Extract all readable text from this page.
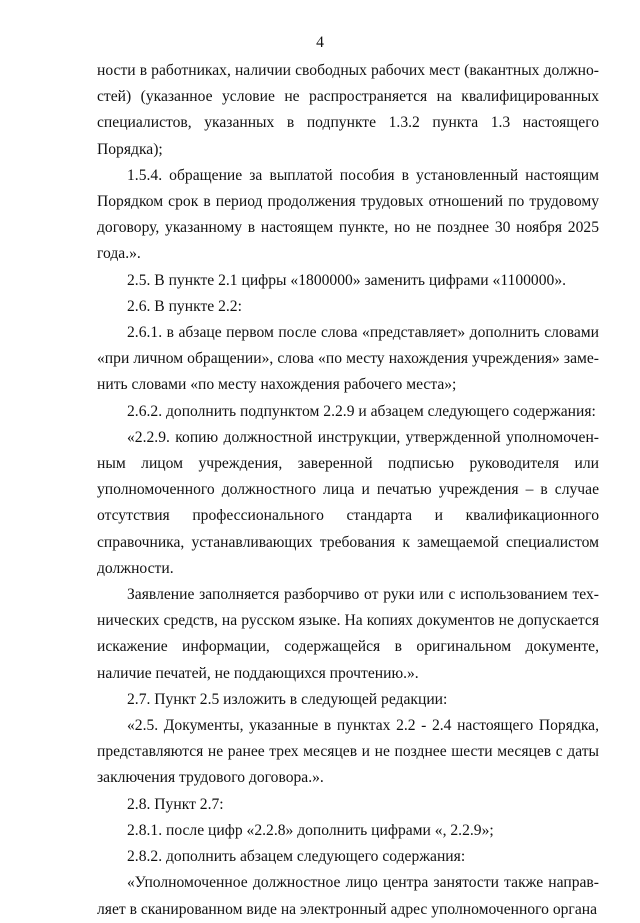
4

ности в работниках, наличии свободных рабочих мест (вакантных должностей) (указанное условие не распространяется на квалифицированных специалистов, указанных в подпункте 1.3.2 пункта 1.3 настоящего Порядка);

1.5.4. обращение за выплатой пособия в установленный настоящим Порядком срок в период продолжения трудовых отношений по трудовому договору, указанному в настоящем пункте, но не позднее 30 ноября 2025 года.».

2.5. В пункте 2.1 цифры «1800000» заменить цифрами «1100000».

2.6. В пункте 2.2:

2.6.1. в абзаце первом после слова «представляет» дополнить словами «при личном обращении», слова «по месту нахождения учреждения» заменить словами «по месту нахождения рабочего места»;

2.6.2. дополнить подпунктом 2.2.9 и абзацем следующего содержания:

«2.2.9. копию должностной инструкции, утвержденной уполномоченным лицом учреждения, заверенной подписью руководителя или уполномоченного должностного лица и печатью учреждения – в случае отсутствия профессионального стандарта и квалификационного справочника, устанавливающих требования к замещаемой специалистом должности.

Заявление заполняется разборчиво от руки или с использованием технических средств, на русском языке. На копиях документов не допускается искажение информации, содержащейся в оригинальном документе, наличие печатей, не поддающихся прочтению.».

2.7. Пункт 2.5 изложить в следующей редакции:

«2.5. Документы, указанные в пунктах 2.2 - 2.4 настоящего Порядка, представляются не ранее трех месяцев и не позднее шести месяцев с даты заключения трудового договора.».

2.8. Пункт 2.7:

2.8.1. после цифр «2.2.8» дополнить цифрами «, 2.2.9»;

2.8.2. дополнить абзацем следующего содержания:

«Уполномоченное должностное лицо центра занятости также направляет в сканированном виде на электронный адрес уполномоченного органа
